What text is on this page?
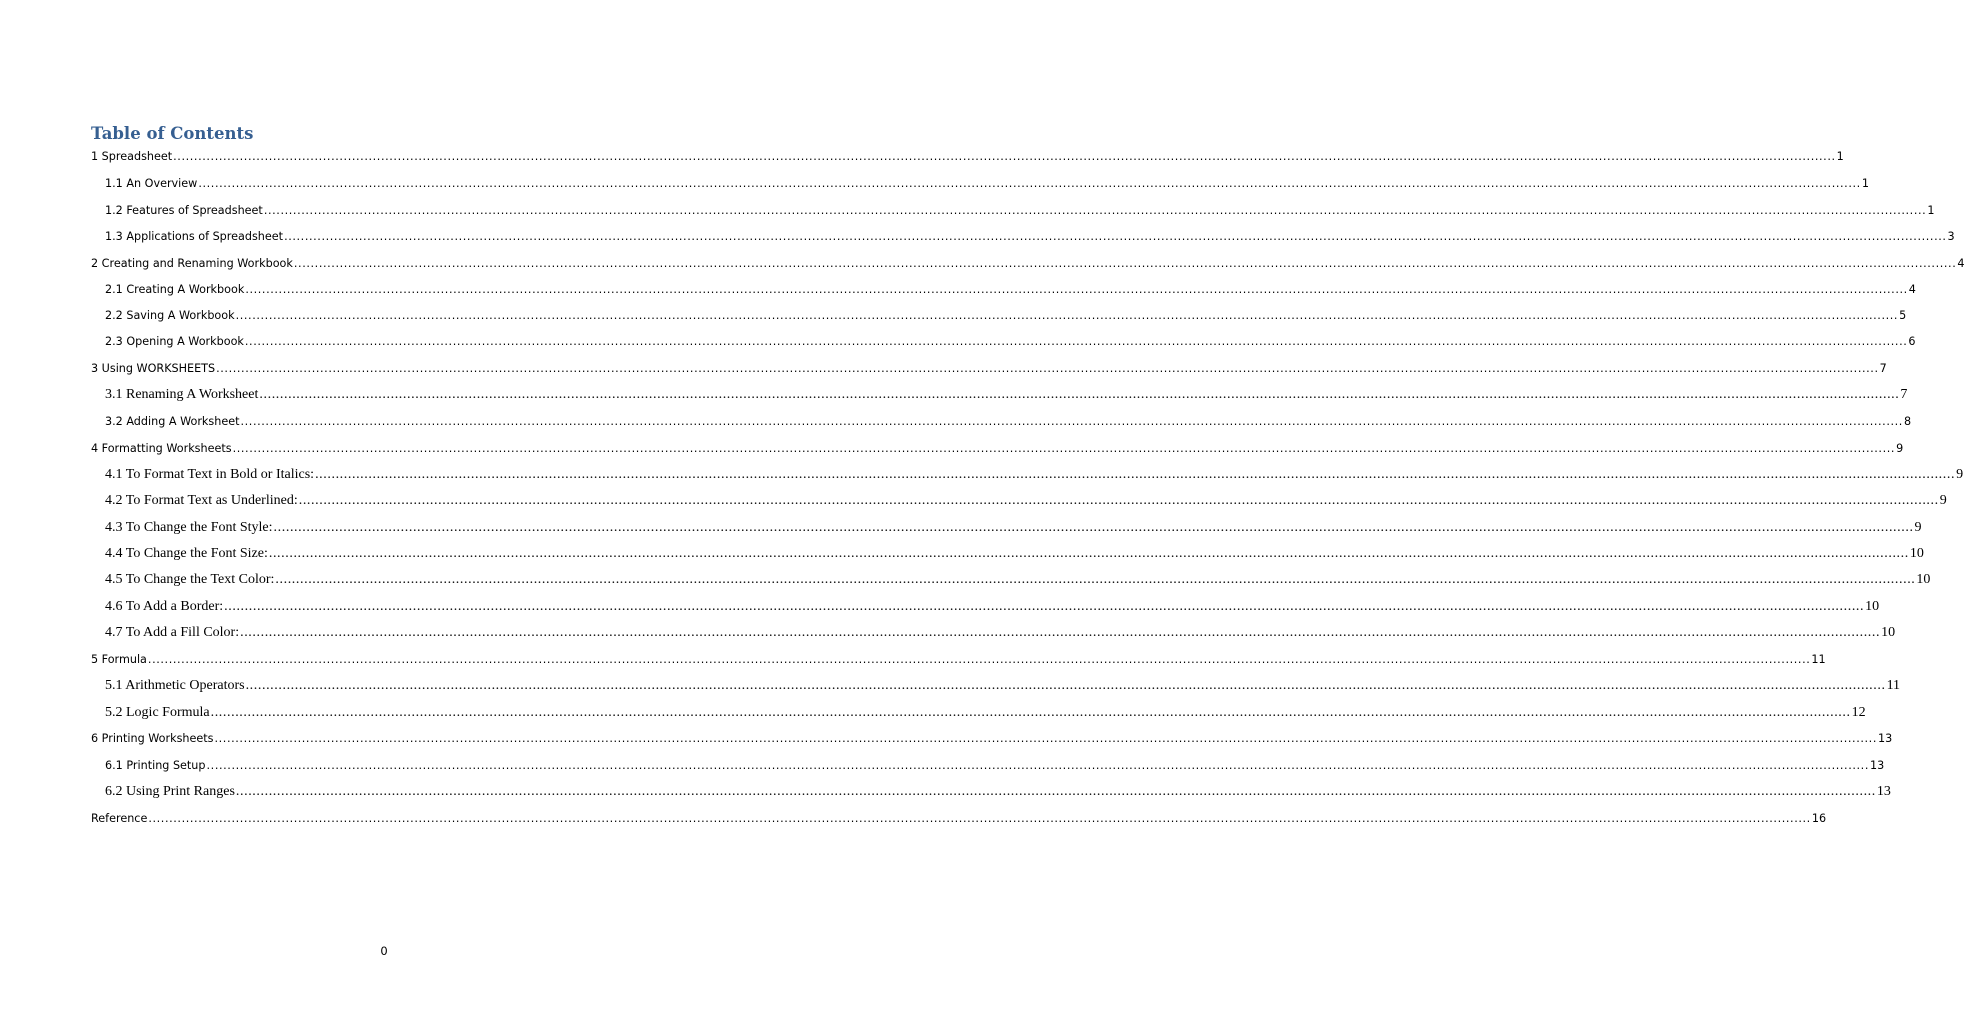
Table of Contents
1 Spreadsheet ................................................................................................................................................................................................................................................................................................................................................................................................................ 1
1.1 An Overview ................................................................................................................................................................................................................................................................................................................................................................................................................ 1
1.2 Features of Spreadsheet ................................................................................................................................................................................................................................................................................................................................................................................................................ 1
1.3 Applications of Spreadsheet ................................................................................................................................................................................................................................................................................................................................................................................................................ 3
2 Creating and Renaming Workbook ................................................................................................................................................................................................................................................................................................................................................................................................................ 4
2.1 Creating A Workbook ................................................................................................................................................................................................................................................................................................................................................................................................................ 4
2.2 Saving A Workbook ................................................................................................................................................................................................................................................................................................................................................................................................................ 5
2.3 Opening A Workbook ................................................................................................................................................................................................................................................................................................................................................................................................................ 6
3 Using WORKSHEETS ................................................................................................................................................................................................................................................................................................................................................................................................................ 7
3.1 Renaming A Worksheet ................................................................................................................................................................................................................................................................................................................................................................................................................ 7
3.2 Adding A Worksheet ................................................................................................................................................................................................................................................................................................................................................................................................................ 8
4 Formatting Worksheets ................................................................................................................................................................................................................................................................................................................................................................................................................ 9
4.1 To Format Text in Bold or Italics: ................................................................................................................................................................................................................................................................................................................................................................................................................ 9
4.2 To Format Text as Underlined: ................................................................................................................................................................................................................................................................................................................................................................................................................ 9
4.3 To Change the Font Style: ................................................................................................................................................................................................................................................................................................................................................................................................................ 9
4.4 To Change the Font Size: ................................................................................................................................................................................................................................................................................................................................................................................................................ 10
4.5 To Change the Text Color: ................................................................................................................................................................................................................................................................................................................................................................................................................ 10
4.6 To Add a Border: ................................................................................................................................................................................................................................................................................................................................................................................................................ 10
4.7 To Add a Fill Color: ................................................................................................................................................................................................................................................................................................................................................................................................................ 10
5 Formula ................................................................................................................................................................................................................................................................................................................................................................................................................ 11
5.1 Arithmetic Operators ................................................................................................................................................................................................................................................................................................................................................................................................................ 11
5.2 Logic Formula ................................................................................................................................................................................................................................................................................................................................................................................................................ 12
6 Printing Worksheets ................................................................................................................................................................................................................................................................................................................................................................................................................ 13
6.1 Printing Setup ................................................................................................................................................................................................................................................................................................................................................................................................................ 13
6.2 Using Print Ranges ................................................................................................................................................................................................................................................................................................................................................................................................................ 13
Reference ................................................................................................................................................................................................................................................................................................................................................................................................................ 16
0
